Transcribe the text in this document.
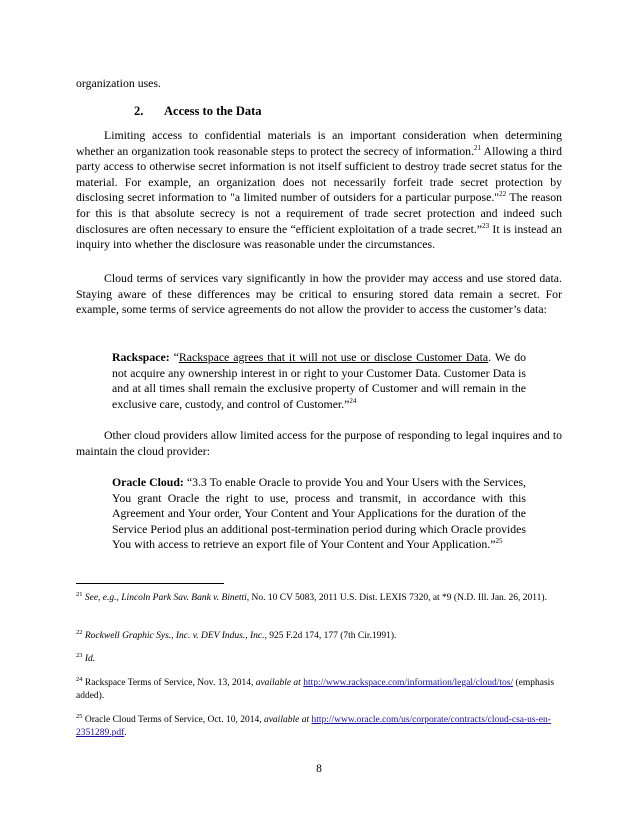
organization uses.

2. Access to the Data

Limiting access to confidential materials is an important consideration when determining whether an organization took reasonable steps to protect the secrecy of information.$^{21}$ Allowing a third party access to otherwise secret information is not itself sufficient to destroy trade secret status for the material. For example, an organization does not necessarily forfeit trade secret protection by disclosing secret information to "a limited number of outsiders for a particular purpose."$^{22}$ The reason for this is that absolute secrecy is not a requirement of trade secret protection and indeed such disclosures are often necessary to ensure the “efficient exploitation of a trade secret.”$^{23}$ It is instead an inquiry into whether the disclosure was reasonable under the circumstances.

Cloud terms of services vary significantly in how the provider may access and use stored data. Staying aware of these differences may be critical to ensuring stored data remain a secret. For example, some terms of service agreements do not allow the provider to access the customer’s data:

Rackspace: “Rackspace agrees that it will not use or disclose Customer Data. We do not acquire any ownership interest in or right to your Customer Data. Customer Data is and at all times shall remain the exclusive property of Customer and will remain in the exclusive care, custody, and control of Customer.”$^{24}$

Other cloud providers allow limited access for the purpose of responding to legal inquires and to maintain the cloud provider:

Oracle Cloud: “3.3 To enable Oracle to provide You and Your Users with the Services, You grant Oracle the right to use, process and transmit, in accordance with this Agreement and Your order, Your Content and Your Applications for the duration of the Service Period plus an additional post-termination period during which Oracle provides You with access to retrieve an export file of Your Content and Your Application.”$^{25}$

$^{21}$ See, e.g., Lincoln Park Sav. Bank v. Binetti, No. 10 CV 5083, 2011 U.S. Dist. LEXIS 7320, at *9 (N.D. Ill. Jan. 26, 2011).

$^{22}$ Rockwell Graphic Sys., Inc. v. DEV Indus., Inc., 925 F.2d 174, 177 (7th Cir.1991).

$^{23}$ Id.

$^{24}$ Rackspace Terms of Service, Nov. 13, 2014, available at http://www.rackspace.com/information/legal/cloud/tos/ (emphasis added).

$^{25}$ Oracle Cloud Terms of Service, Oct. 10, 2014, available at http://www.oracle.com/us/corporate/contracts/cloud-csa-us-en-2351289.pdf.

8
